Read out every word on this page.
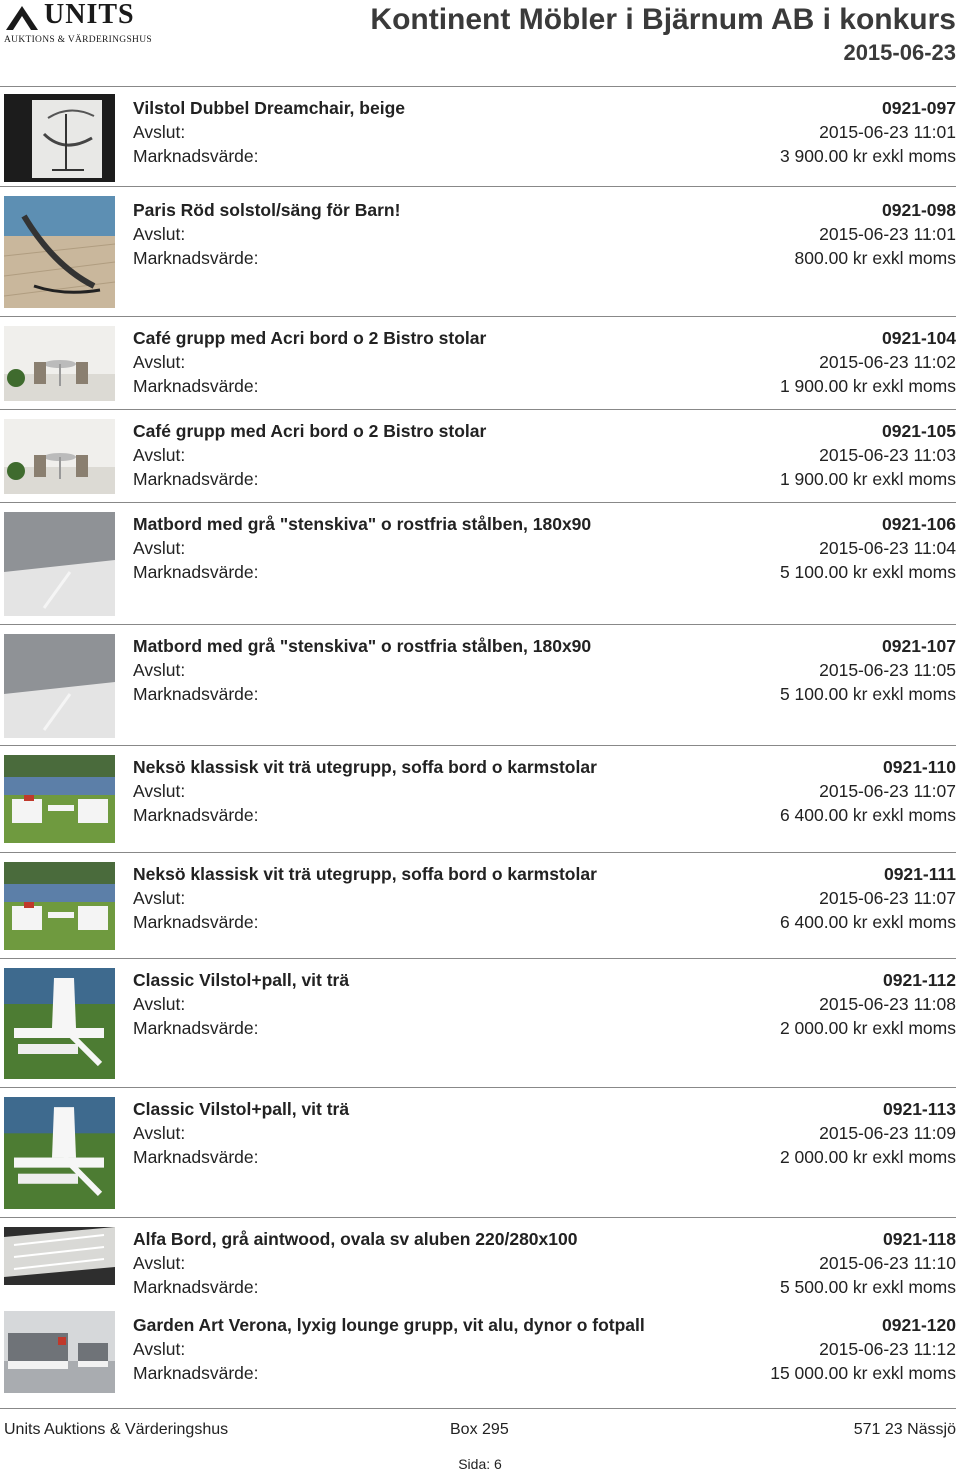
UNITS
AUKTIONS & VÄRDERINGSHUS
Kontinent Möbler i Bjärnum AB i konkurs
2015-06-23
Vilstol Dubbel Dreamchair, beige	0921-097
Avslut:	2015-06-23 11:01
Marknadsvärde:	3 900.00 kr exkl moms
Paris Röd solstol/säng för Barn!	0921-098
Avslut:	2015-06-23 11:01
Marknadsvärde:	800.00 kr exkl moms
Café grupp med Acri bord o 2 Bistro stolar	0921-104
Avslut:	2015-06-23 11:02
Marknadsvärde:	1 900.00 kr exkl moms
Café grupp med Acri bord o 2 Bistro stolar	0921-105
Avslut:	2015-06-23 11:03
Marknadsvärde:	1 900.00 kr exkl moms
Matbord med grå "stenskiva" o rostfria stålben, 180x90	0921-106
Avslut:	2015-06-23 11:04
Marknadsvärde:	5 100.00 kr exkl moms
Matbord med grå "stenskiva" o rostfria stålben, 180x90	0921-107
Avslut:	2015-06-23 11:05
Marknadsvärde:	5 100.00 kr exkl moms
Neksö klassisk vit trä utegrupp, soffa bord o karmstolar	0921-110
Avslut:	2015-06-23 11:07
Marknadsvärde:	6 400.00 kr exkl moms
Neksö klassisk vit trä utegrupp, soffa bord o karmstolar	0921-111
Avslut:	2015-06-23 11:07
Marknadsvärde:	6 400.00 kr exkl moms
Classic Vilstol+pall, vit trä	0921-112
Avslut:	2015-06-23 11:08
Marknadsvärde:	2 000.00 kr exkl moms
Classic Vilstol+pall, vit trä	0921-113
Avslut:	2015-06-23 11:09
Marknadsvärde:	2 000.00 kr exkl moms
Alfa Bord, grå aintwood, ovala sv aluben 220/280x100	0921-118
Avslut:	2015-06-23 11:10
Marknadsvärde:	5 500.00 kr exkl moms
Garden Art Verona, lyxig lounge grupp, vit alu, dynor o fotpall	0921-120
Avslut:	2015-06-23 11:12
Marknadsvärde:	15 000.00 kr exkl moms
Units Auktions & Värderingshus	Box 295	571 23 Nässjö
Sida: 6
